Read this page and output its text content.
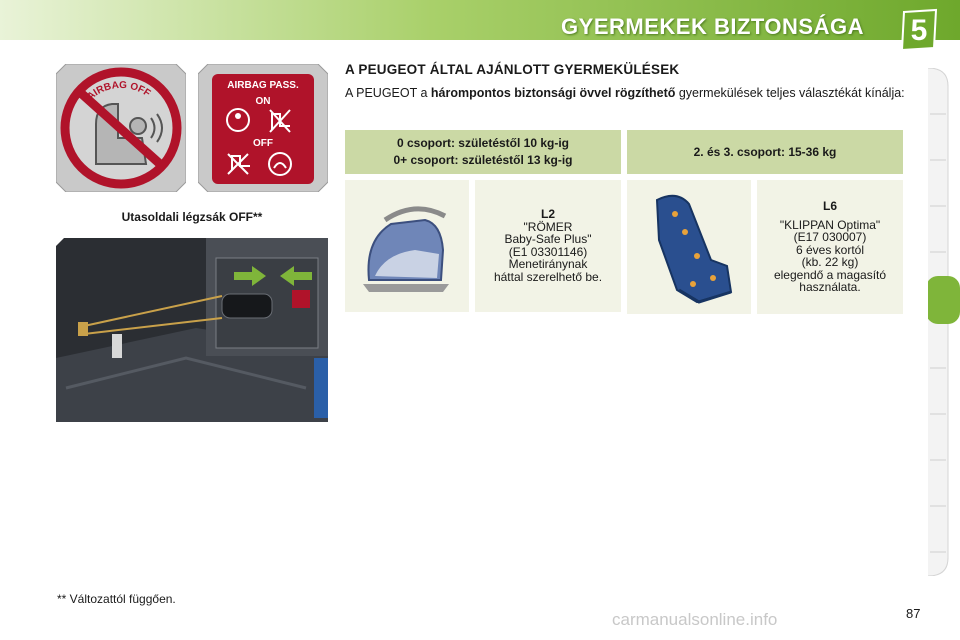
GYERMEKEK BIZTONSÁGA 5
AIRBAG OFF
AIRBAG PASS.
ON
OFF
Utasoldali légzsák OFF**
A PEUGEOT ÁLTAL AJÁNLOTT GYERMEKÜLÉSEK
A PEUGEOT a hárompontos biztonsági övvel rögzíthető gyermekülések teljes választékát kínálja:
0 csoport: születéstől 10 kg-ig
0+ csoport: születéstől 13 kg-ig
2. és 3. csoport: 15-36 kg
L2
"RÖMER
Baby-Safe Plus"
(E1 03301146)
Menetiránynak
háttal szerelhető be.
L6
"KLIPPAN Optima"
(E17 030007)
6 éves kortól
(kb. 22 kg)
elegendő a magasító
használata.
** Változattól függően.
carmanualsonline.info	87
